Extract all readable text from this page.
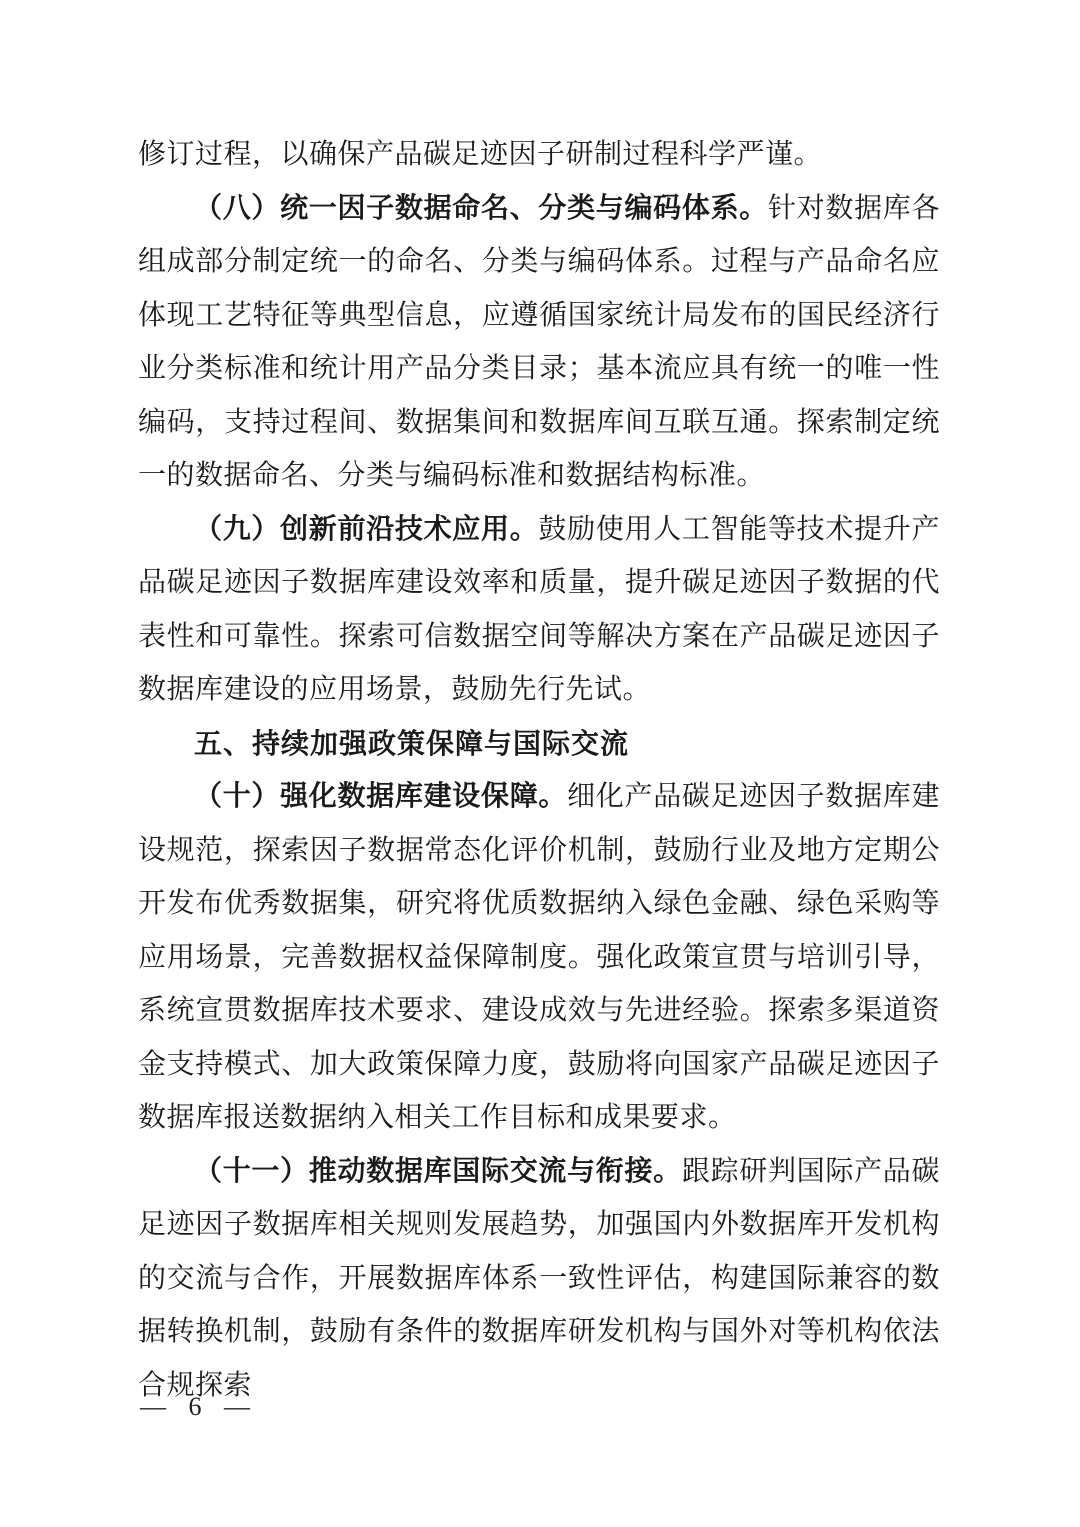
修订过程，以确保产品碳足迹因子研制过程科学严谨。

（八）统一因子数据命名、分类与编码体系。针对数据库各组成部分制定统一的命名、分类与编码体系。过程与产品命名应体现工艺特征等典型信息，应遵循国家统计局发布的国民经济行业分类标准和统计用产品分类目录；基本流应具有统一的唯一性编码，支持过程间、数据集间和数据库间互联互通。探索制定统一的数据命名、分类与编码标准和数据结构标准。

（九）创新前沿技术应用。鼓励使用人工智能等技术提升产品碳足迹因子数据库建设效率和质量，提升碳足迹因子数据的代表性和可靠性。探索可信数据空间等解决方案在产品碳足迹因子数据库建设的应用场景，鼓励先行先试。

五、持续加强政策保障与国际交流

（十）强化数据库建设保障。细化产品碳足迹因子数据库建设规范，探索因子数据常态化评价机制，鼓励行业及地方定期公开发布优秀数据集，研究将优质数据纳入绿色金融、绿色采购等应用场景，完善数据权益保障制度。强化政策宣贯与培训引导，系统宣贯数据库技术要求、建设成效与先进经验。探索多渠道资金支持模式、加大政策保障力度，鼓励将向国家产品碳足迹因子数据库报送数据纳入相关工作目标和成果要求。

（十一）推动数据库国际交流与衔接。跟踪研判国际产品碳足迹因子数据库相关规则发展趋势，加强国内外数据库开发机构的交流与合作，开展数据库体系一致性评估，构建国际兼容的数据转换机制，鼓励有条件的数据库研发机构与国外对等机构依法合规探索

— 6 —
